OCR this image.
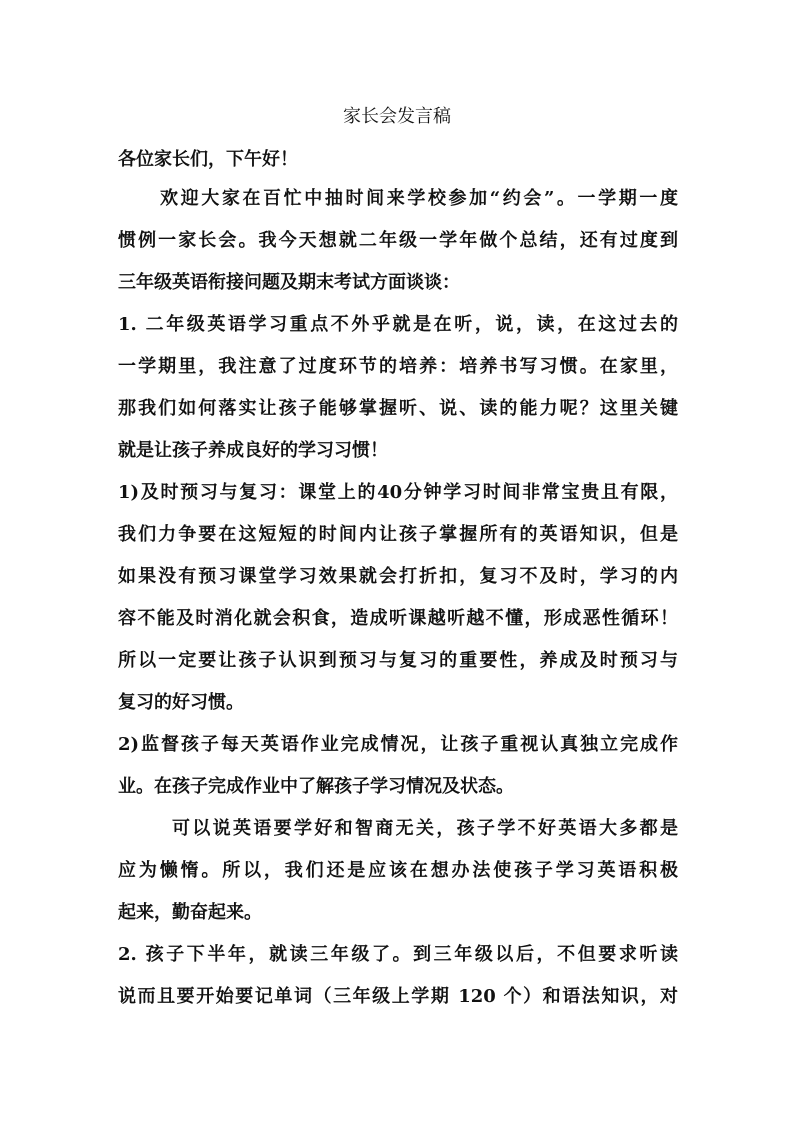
家长会发言稿

各位家长们，下午好！

欢迎大家在百忙中抽时间来学校参加“约会”。一学期一度

惯例一家长会。我今天想就二年级一学年做个总结，还有过度到

三年级英语衔接问题及期末考试方面谈谈：

1. 二年级英语学习重点不外乎就是在听，说，读，在这过去的

一学期里，我注意了过度环节的培养：培养书写习惯。在家里，

那我们如何落实让孩子能够掌握听、说、读的能力呢？这里关键

就是让孩子养成良好的学习习惯！

1)及时预习与复习：课堂上的40分钟学习时间非常宝贵且有限，

我们力争要在这短短的时间内让孩子掌握所有的英语知识，但是

如果没有预习课堂学习效果就会打折扣，复习不及时，学习的内

容不能及时消化就会积食，造成听课越听越不懂，形成恶性循环！

所以一定要让孩子认识到预习与复习的重要性，养成及时预习与

复习的好习惯。

2)监督孩子每天英语作业完成情况，让孩子重视认真独立完成作

业。在孩子完成作业中了解孩子学习情况及状态。

可以说英语要学好和智商无关，孩子学不好英语大多都是

应为懒惰。所以，我们还是应该在想办法使孩子学习英语积极

起来，勤奋起来。

2. 孩子下半年，就读三年级了。到三年级以后，不但要求听读

说而且要开始要记单词（三年级上学期 120 个）和语法知识，对
